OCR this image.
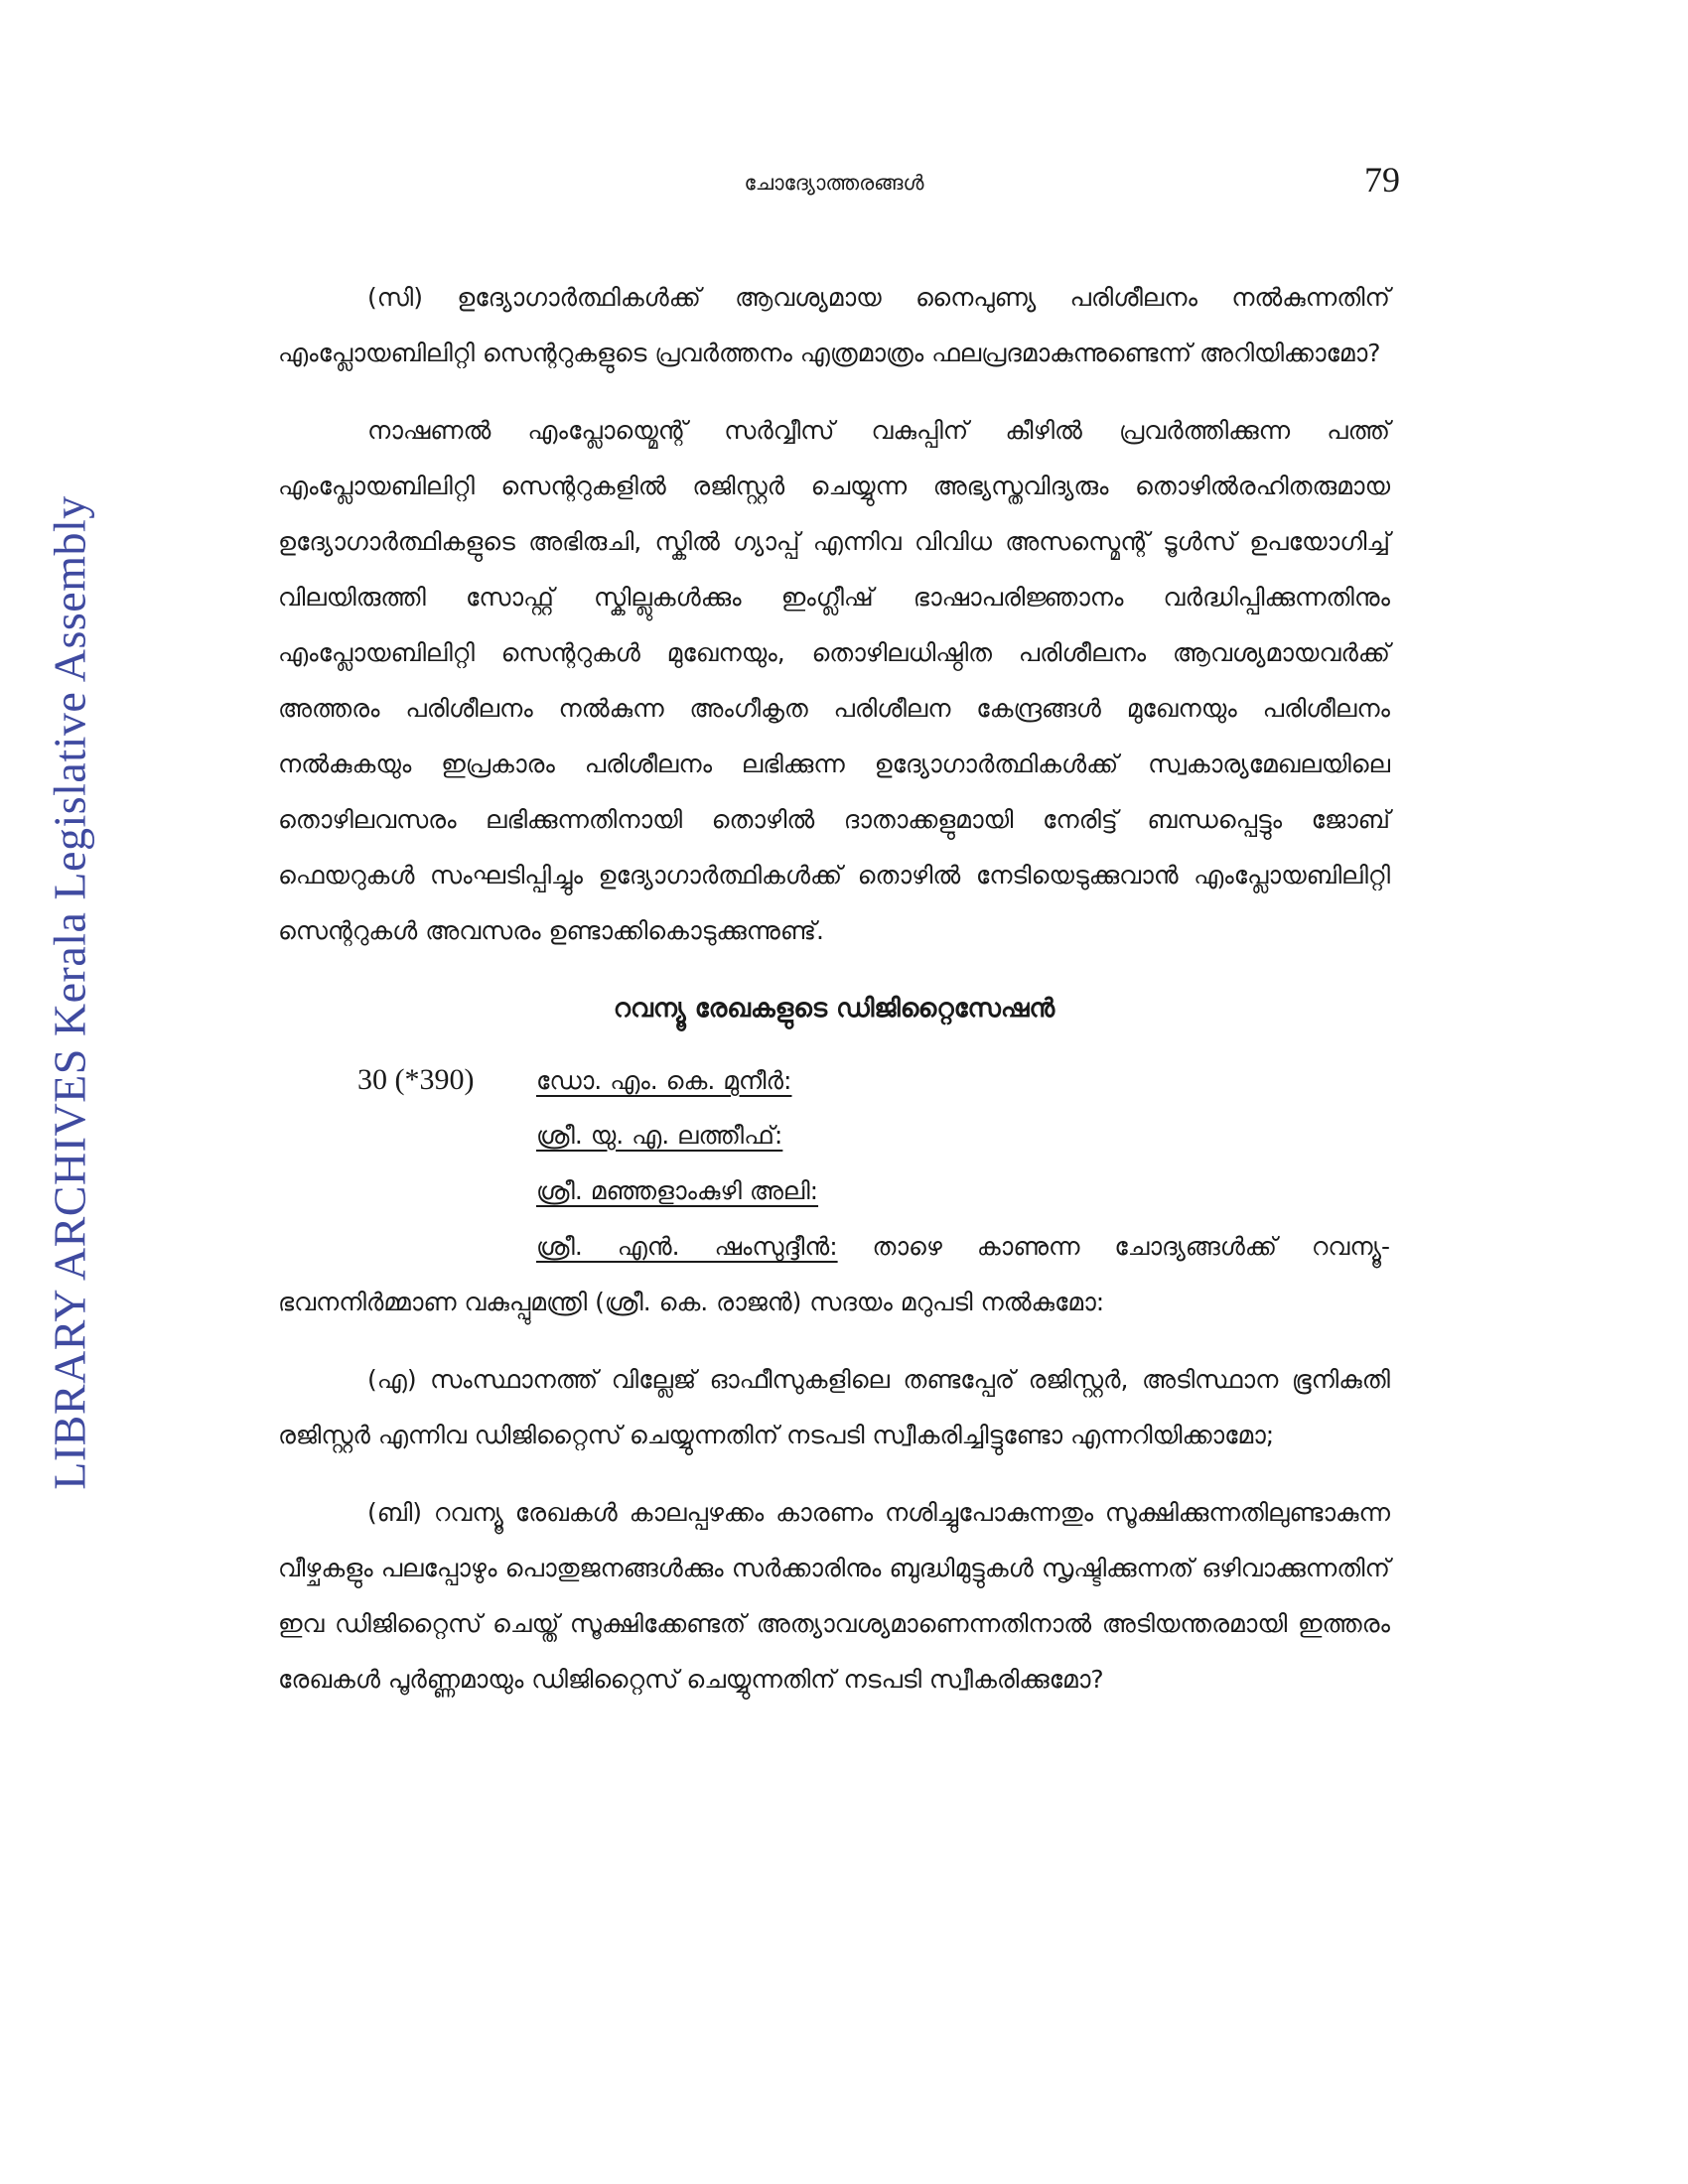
LIBRARY ARCHIVES Kerala Legislative Assembly
ചോദ്യോത്തരങ്ങൾ	79

(സി) ഉദ്യോഗാർത്ഥികൾക്ക് ആവശ്യമായ നൈപുണ്യ പരിശീലനം നൽകുന്നതിന് എംപ്ലോയബിലിറ്റി സെന്ററുകളുടെ പ്രവർത്തനം എത്രമാത്രം ഫലപ്രദമാകുന്നുണ്ടെന്ന് അറിയിക്കാമോ?

നാഷണൽ എംപ്ലോയ്മെന്റ് സർവ്വീസ് വകുപ്പിന് കീഴിൽ പ്രവർത്തിക്കുന്ന പത്ത് എംപ്ലോയബിലിറ്റി സെന്ററുകളിൽ രജിസ്റ്റർ ചെയ്യുന്ന അഭ്യസ്തവിദ്യരും തൊഴിൽരഹിതരുമായ ഉദ്യോഗാർത്ഥികളുടെ അഭിരുചി, സ്കിൽ ഗ്യാപ്പ് എന്നിവ വിവിധ അസസ്മെന്റ് ടൂൾസ് ഉപയോഗിച്ച് വിലയിരുത്തി സോഫ്റ്റ് സ്കില്ലുകൾക്കും ഇംഗ്ലീഷ് ഭാഷാപരിജ്ഞാനം വർദ്ധിപ്പിക്കുന്നതിനും എംപ്ലോയബിലിറ്റി സെന്ററുകൾ മുഖേനയും, തൊഴിലധിഷ്ഠിത പരിശീലനം ആവശ്യമായവർക്ക് അത്തരം പരിശീലനം നൽകുന്ന അംഗീകൃത പരിശീലന കേന്ദ്രങ്ങൾ മുഖേനയും പരിശീലനം നൽകുകയും ഇപ്രകാരം പരിശീലനം ലഭിക്കുന്ന ഉദ്യോഗാർത്ഥികൾക്ക് സ്വകാര്യമേഖലയിലെ തൊഴിലവസരം ലഭിക്കുന്നതിനായി തൊഴിൽ ദാതാക്കളുമായി നേരിട്ട് ബന്ധപ്പെട്ടും ജോബ് ഫെയറുകൾ സംഘടിപ്പിച്ചും ഉദ്യോഗാർത്ഥികൾക്ക് തൊഴിൽ നേടിയെടുക്കുവാൻ എംപ്ലോയബിലിറ്റി സെന്ററുകൾ അവസരം ഉണ്ടാക്കികൊടുക്കുന്നുണ്ട്.

റവന്യൂ രേഖകളുടെ ഡിജിറ്റൈസേഷൻ
30 (*390)	ഡോ. എം. കെ. മുനീർ:
ശ്രീ. യു. എ. ലത്തീഫ്:
ശ്രീ. മഞ്ഞളാംകുഴി അലി:

ശ്രീ. എൻ. ഷംസുദ്ദീൻ: താഴെ കാണുന്ന ചോദ്യങ്ങൾക്ക് റവന്യൂ-ഭവനനിർമ്മാണ വകുപ്പുമന്ത്രി (ശ്രീ. കെ. രാജൻ) സദയം മറുപടി നൽകുമോ:

(എ) സംസ്ഥാനത്ത് വില്ലേജ് ഓഫീസുകളിലെ തണ്ടപ്പേര് രജിസ്റ്റർ, അടിസ്ഥാന ഭൂനികുതി രജിസ്റ്റർ എന്നിവ ഡിജിറ്റൈസ് ചെയ്യുന്നതിന് നടപടി സ്വീകരിച്ചിട്ടുണ്ടോ എന്നറിയിക്കാമോ;

(ബി) റവന്യൂ രേഖകൾ കാലപ്പഴക്കം കാരണം നശിച്ചുപോകുന്നതും സൂക്ഷിക്കുന്നതിലുണ്ടാകുന്ന വീഴ്ചകളും പലപ്പോഴും പൊതുജനങ്ങൾക്കും സർക്കാരിനും ബുദ്ധിമുട്ടുകൾ സൃഷ്ടിക്കുന്നത് ഒഴിവാക്കുന്നതിന് ഇവ ഡിജിറ്റൈസ് ചെയ്ത് സൂക്ഷിക്കേണ്ടത് അത്യാവശ്യമാണെന്നതിനാൽ അടിയന്തരമായി ഇത്തരം രേഖകൾ പൂർണ്ണമായും ഡിജിറ്റൈസ് ചെയ്യുന്നതിന് നടപടി സ്വീകരിക്കുമോ?
